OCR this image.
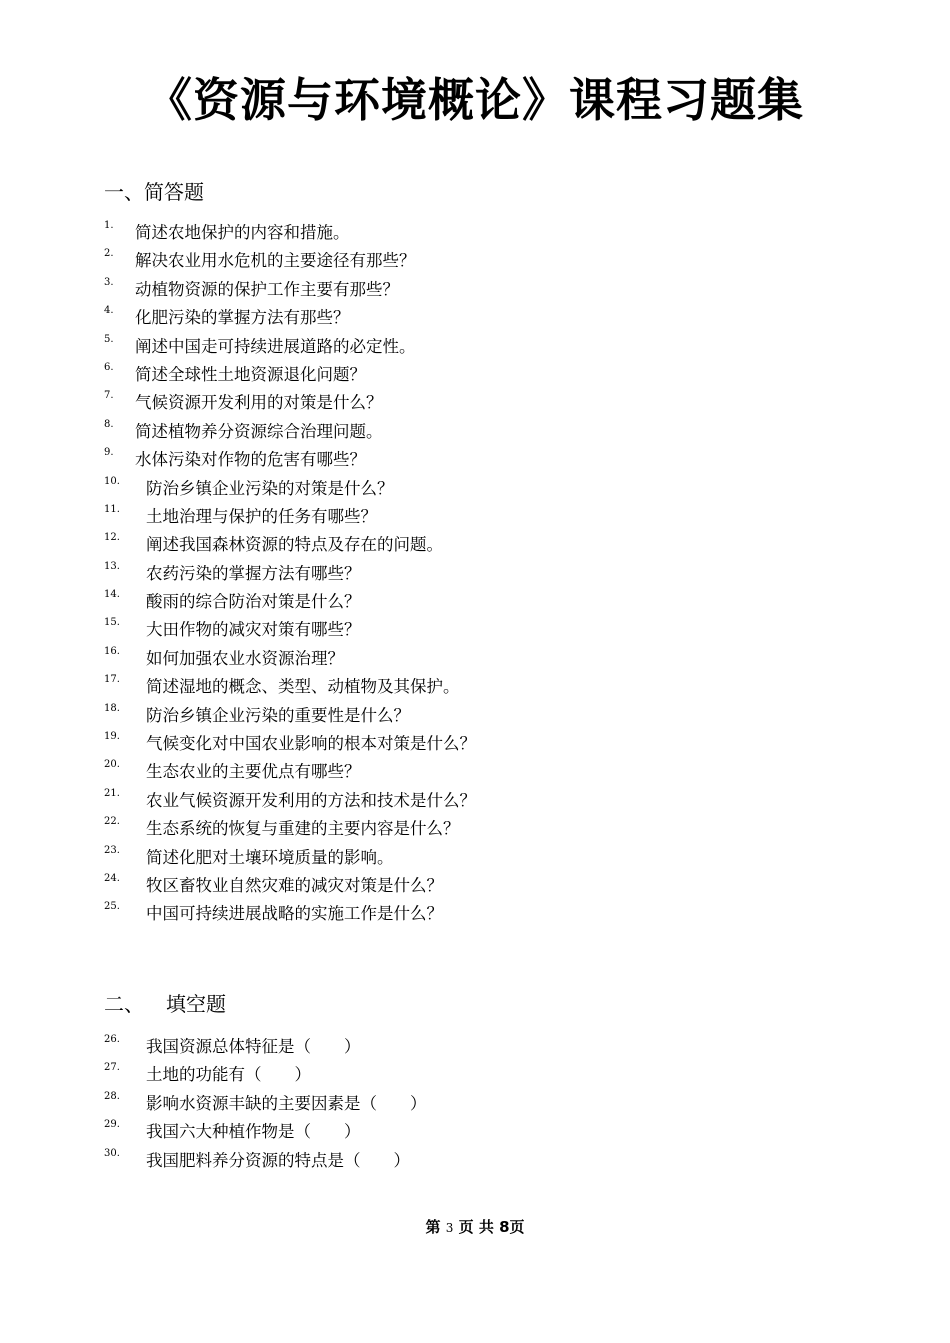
《资源与环境概论》课程习题集
一、简答题
1. 简述农地保护的内容和措施。
2. 解决农业用水危机的主要途径有那些？
3. 动植物资源的保护工作主要有那些？
4. 化肥污染的掌握方法有那些？
5. 阐述中国走可持续进展道路的必定性。
6. 简述全球性土地资源退化问题？
7. 气候资源开发利用的对策是什么？
8. 简述植物养分资源综合治理问题。
9. 水体污染对作物的危害有哪些？
10. 防治乡镇企业污染的对策是什么？
11. 土地治理与保护的任务有哪些？
12. 阐述我国森林资源的特点及存在的问题。
13. 农药污染的掌握方法有哪些？
14. 酸雨的综合防治对策是什么？
15. 大田作物的减灾对策有哪些？
16. 如何加强农业水资源治理？
17. 简述湿地的概念、类型、动植物及其保护。
18. 防治乡镇企业污染的重要性是什么？
19. 气候变化对中国农业影响的根本对策是什么？
20. 生态农业的主要优点有哪些？
21. 农业气候资源开发利用的方法和技术是什么？
22. 生态系统的恢复与重建的主要内容是什么？
23. 简述化肥对土壤环境质量的影响。
24. 牧区畜牧业自然灾难的减灾对策是什么？
25. 中国可持续进展战略的实施工作是什么？
二、 填空题
26. 我国资源总体特征是（　　）
27. 土地的功能有（　　）
28. 影响水资源丰缺的主要因素是（　　）
29. 我国六大种植作物是（　　）
30. 我国肥料养分资源的特点是（　　）
第 3 页 共 8页
